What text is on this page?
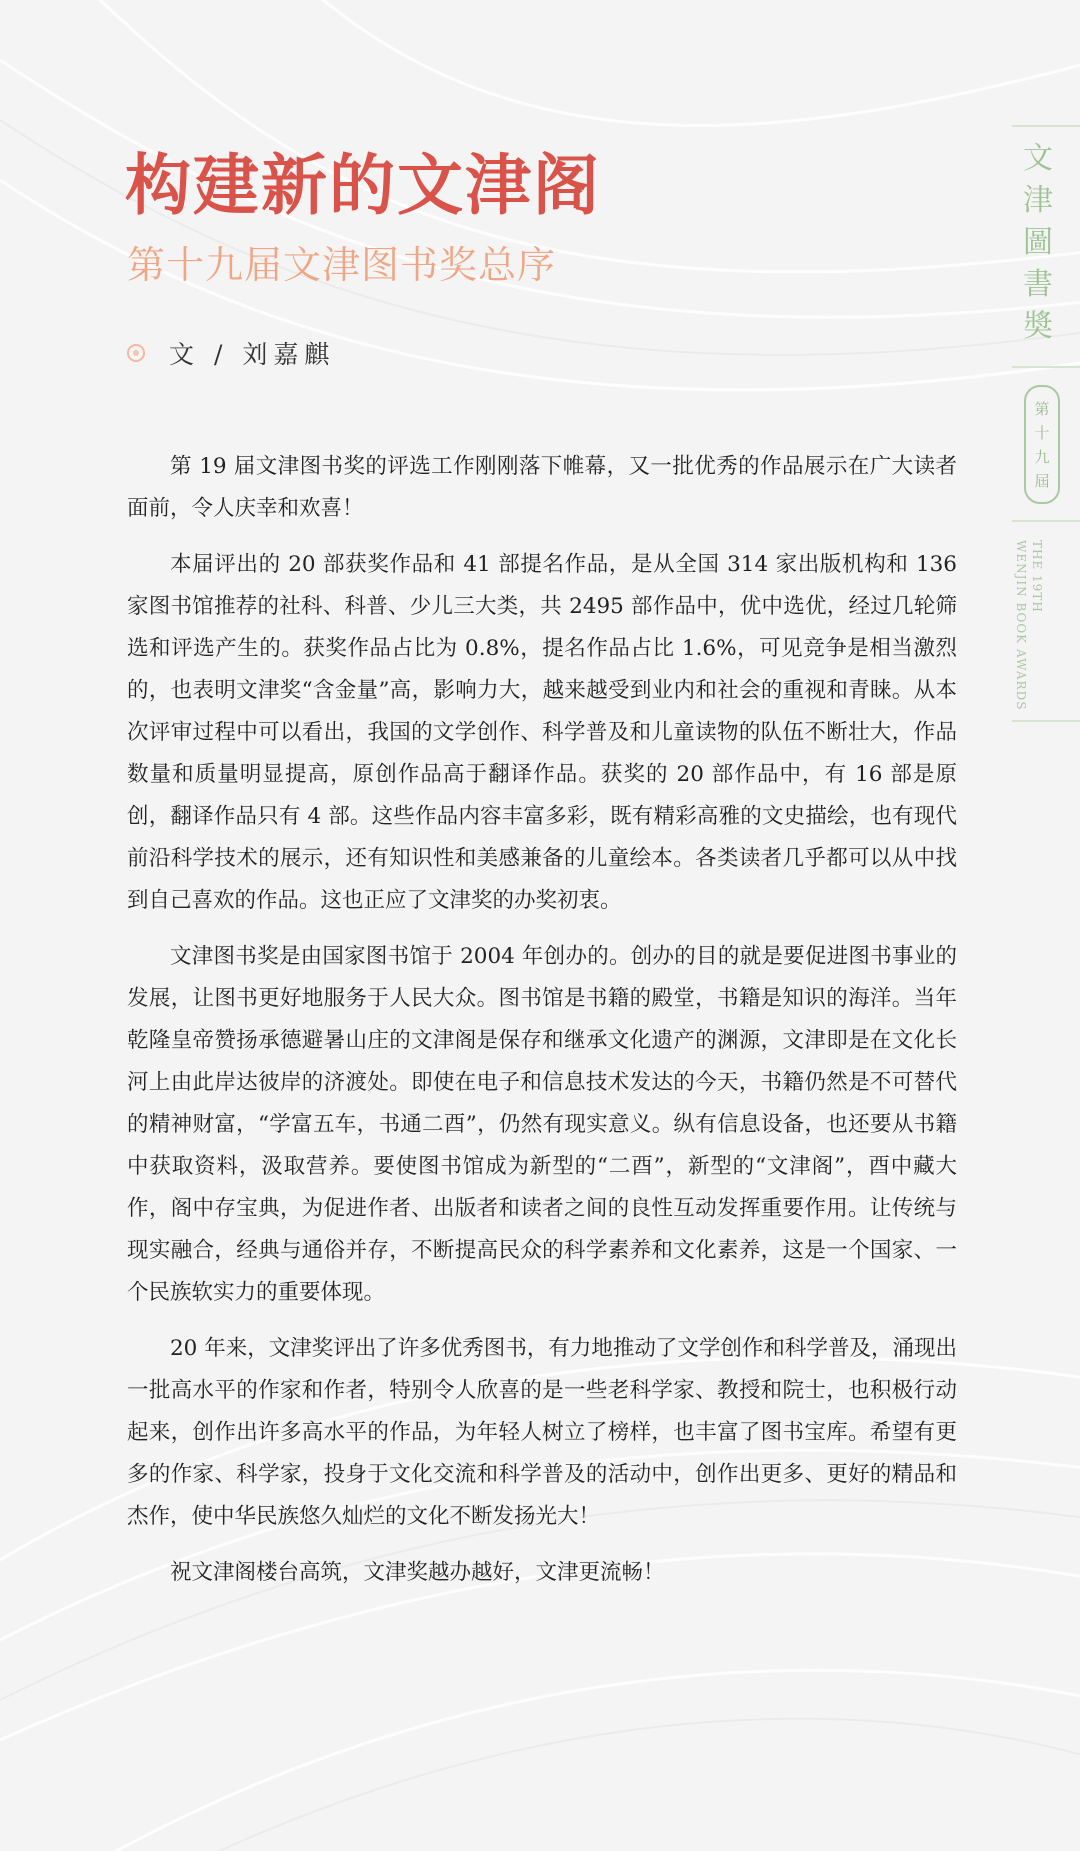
文
津
圖
書
奬
第
十
九
屆
THE 19TH
WENJIN BOOK AWARDS
构建新的文津阁
第十九届文津图书奖总序
文 / 刘嘉麒

第 19 届文津图书奖的评选工作刚刚落下帷幕，又一批优秀的作品展示在广大读者面前，令人庆幸和欢喜！

本届评出的 20 部获奖作品和 41 部提名作品，是从全国 314 家出版机构和 136 家图书馆推荐的社科、科普、少儿三大类，共 2495 部作品中，优中选优，经过几轮筛选和评选产生的。获奖作品占比为 0.8%，提名作品占比 1.6%，可见竞争是相当激烈的，也表明文津奖“含金量”高，影响力大，越来越受到业内和社会的重视和青睐。从本次评审过程中可以看出，我国的文学创作、科学普及和儿童读物的队伍不断壮大，作品数量和质量明显提高，原创作品高于翻译作品。获奖的 20 部作品中，有 16 部是原创，翻译作品只有 4 部。这些作品内容丰富多彩，既有精彩高雅的文史描绘，也有现代前沿科学技术的展示，还有知识性和美感兼备的儿童绘本。各类读者几乎都可以从中找到自己喜欢的作品。这也正应了文津奖的办奖初衷。

文津图书奖是由国家图书馆于 2004 年创办的。创办的目的就是要促进图书事业的发展，让图书更好地服务于人民大众。图书馆是书籍的殿堂，书籍是知识的海洋。当年乾隆皇帝赞扬承德避暑山庄的文津阁是保存和继承文化遗产的渊源，文津即是在文化长河上由此岸达彼岸的济渡处。即使在电子和信息技术发达的今天，书籍仍然是不可替代的精神财富，“学富五车，书通二酉”，仍然有现实意义。纵有信息设备，也还要从书籍中获取资料，汲取营养。要使图书馆成为新型的“二酉”，新型的“文津阁”，酉中藏大作，阁中存宝典，为促进作者、出版者和读者之间的良性互动发挥重要作用。让传统与现实融合，经典与通俗并存，不断提高民众的科学素养和文化素养，这是一个国家、一个民族软实力的重要体现。

20 年来，文津奖评出了许多优秀图书，有力地推动了文学创作和科学普及，涌现出一批高水平的作家和作者，特别令人欣喜的是一些老科学家、教授和院士，也积极行动起来，创作出许多高水平的作品，为年轻人树立了榜样，也丰富了图书宝库。希望有更多的作家、科学家，投身于文化交流和科学普及的活动中，创作出更多、更好的精品和杰作，使中华民族悠久灿烂的文化不断发扬光大！

祝文津阁楼台高筑，文津奖越办越好，文津更流畅！
